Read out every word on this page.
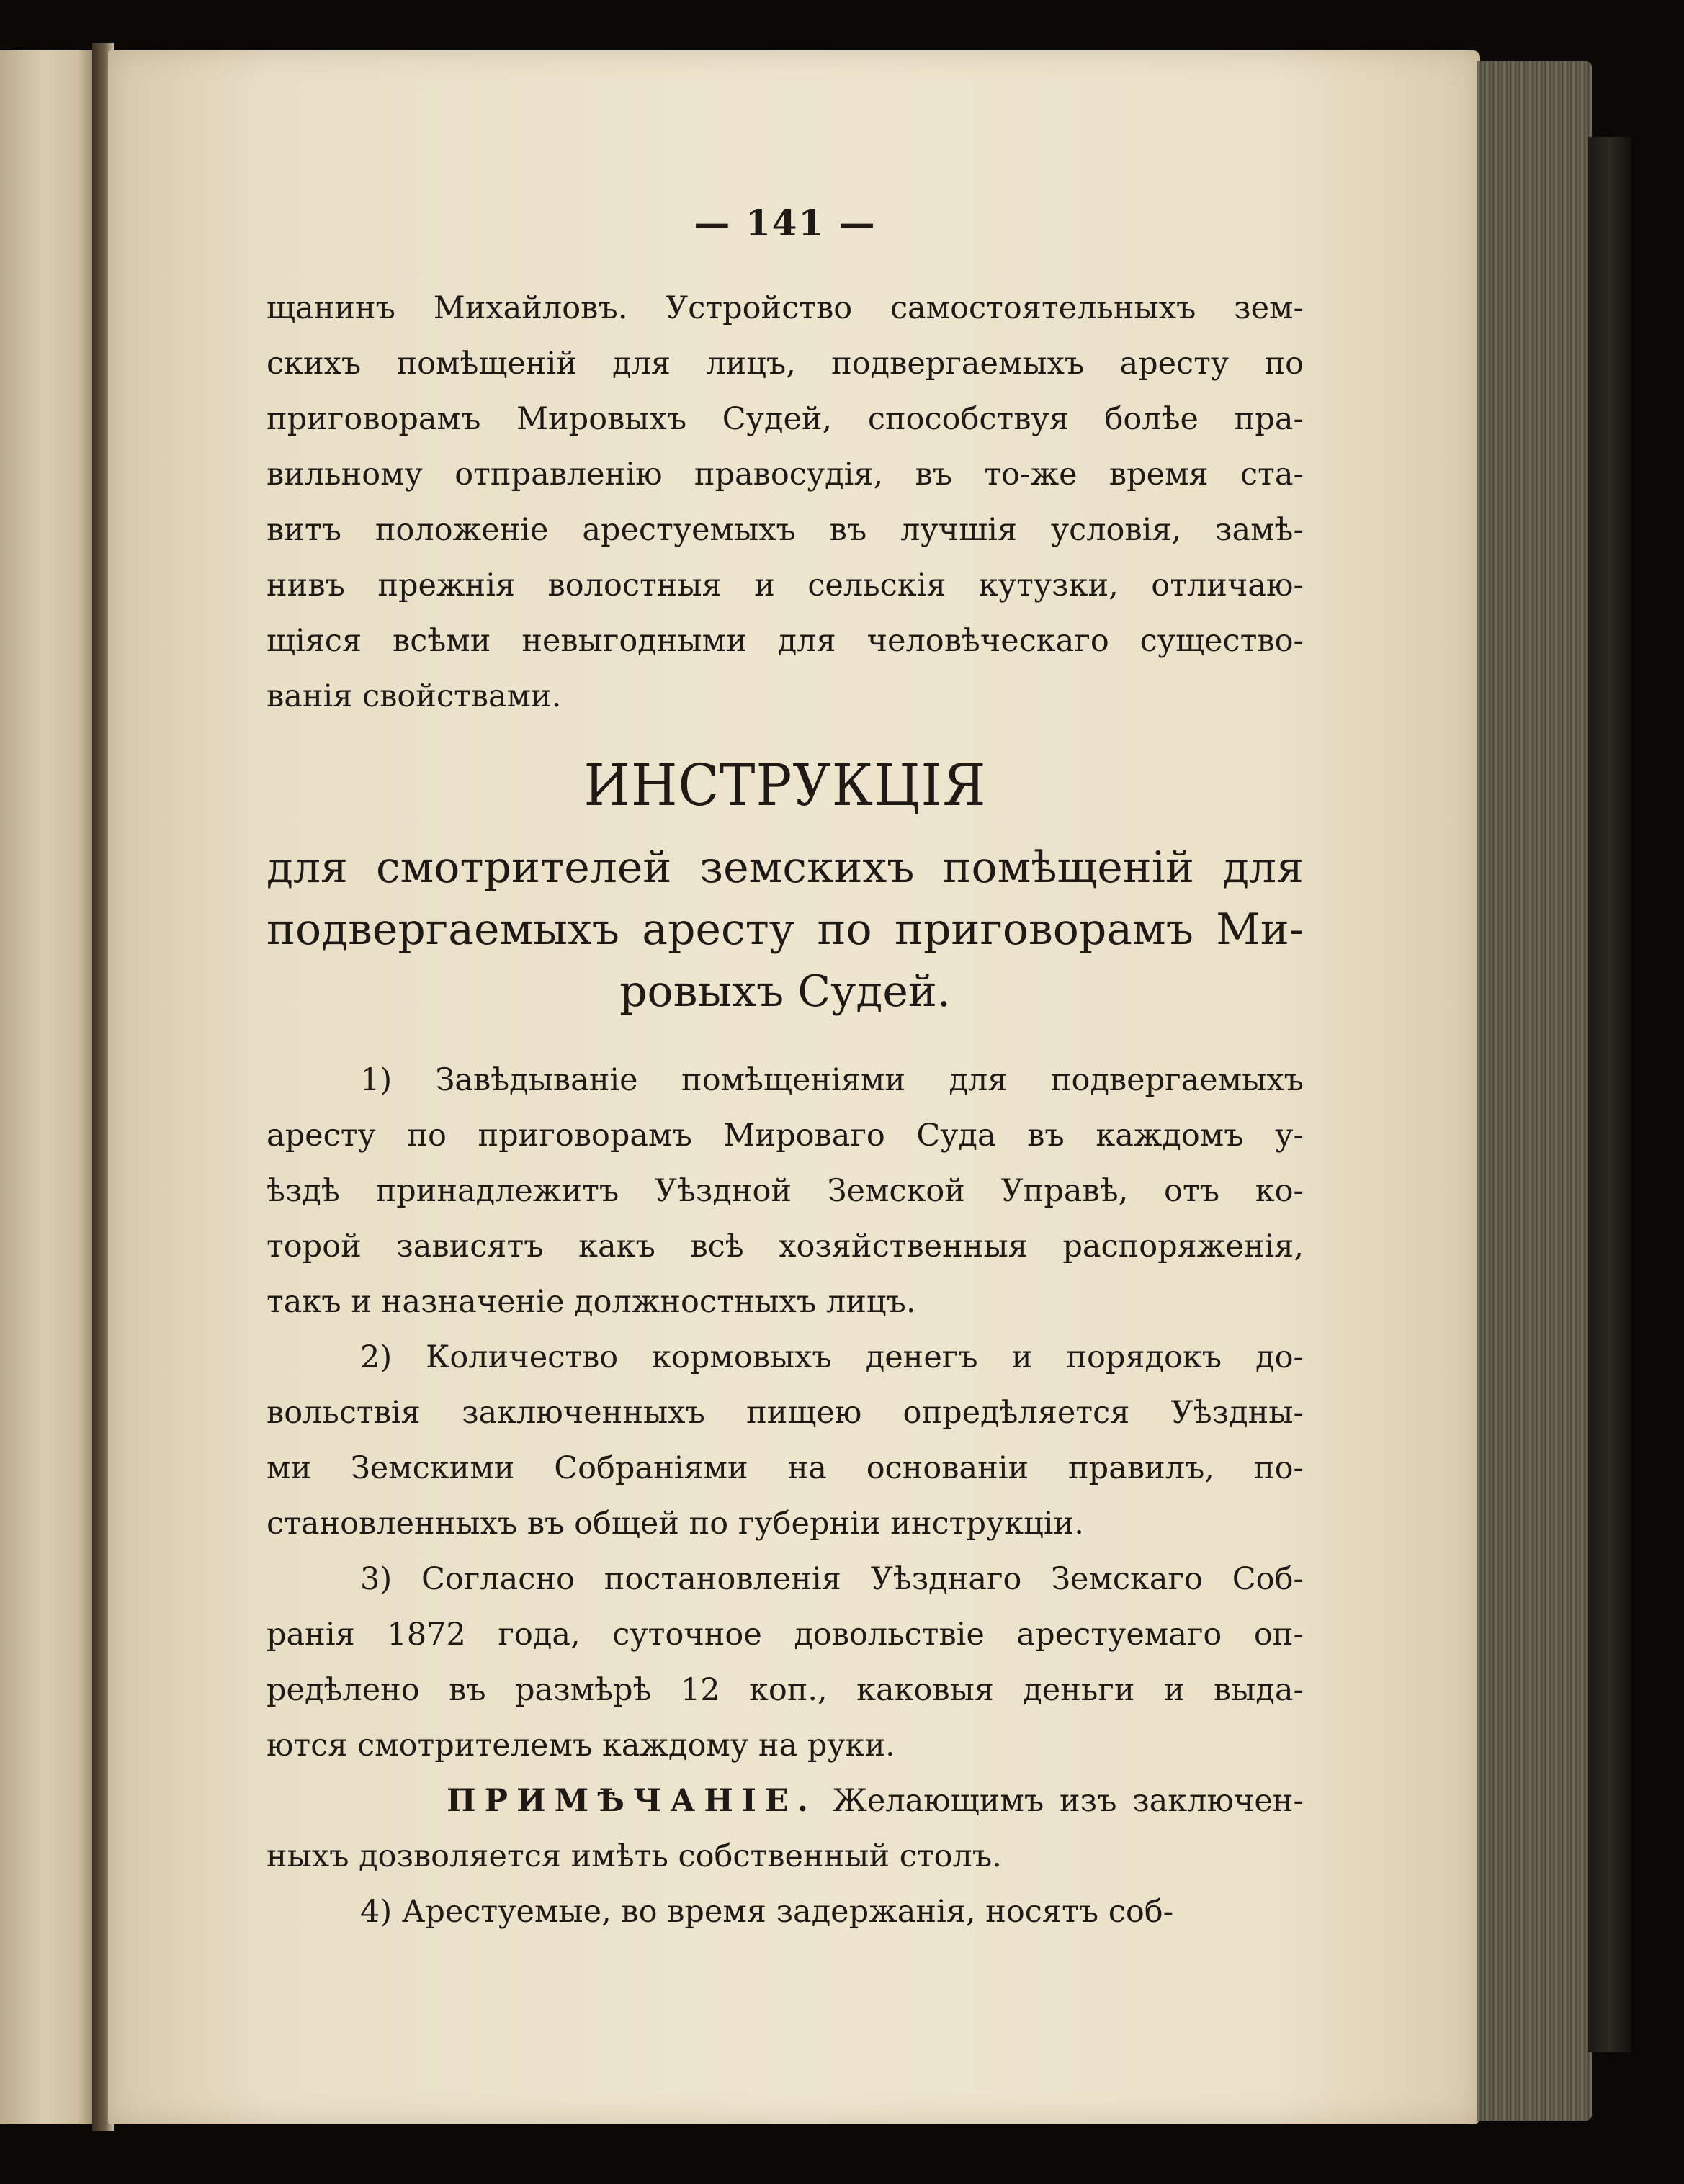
— 141 —

щанинъ Михайловъ. Устройство самостоятельныхъ зем-
скихъ помѣщеній для лицъ, подвергаемыхъ аресту по
приговорамъ Мировыхъ Судей, способствуя болѣе пра-
вильному отправленію правосудія, въ то-же время ста-
витъ положеніе арестуемыхъ въ лучшія условія, замѣ-
нивъ прежнія волостныя и сельскія кутузки, отличаю-
щіяся всѣми невыгодными для человѣческаго существо-
ванія свойствами.

ИНСТРУКЦІЯ
для смотрителей земскихъ помѣщеній для
подвергаемыхъ аресту по приговорамъ Ми-
ровыхъ Судей.

1) Завѣдываніе помѣщеніями для подвергаемыхъ
аресту по приговорамъ Мироваго Суда въ каждомъ у-
ѣздѣ принадлежитъ Уѣздной Земской Управѣ, отъ ко-
торой зависятъ какъ всѣ хозяйственныя распоряженія,
такъ и назначеніе должностныхъ лицъ.

2) Количество кормовыхъ денегъ и порядокъ до-
вольствія заключенныхъ пищею опредѣляется Уѣздны-
ми Земскими Собраніями на основаніи правилъ, по-
становленныхъ въ общей по губерніи инструкціи.

3) Согласно постановленія Уѣзднаго Земскаго Соб-
ранія 1872 года, суточное довольствіе арестуемаго оп-
редѣлено въ размѣрѣ 12 коп., каковыя деньги и выда-
ются смотрителемъ каждому на руки.

ПРИМѢЧАНІЕ. Желающимъ изъ заключен-
ныхъ дозволяется имѣть собственный столъ.

4) Арестуемые, во время задержанія, носятъ соб-
